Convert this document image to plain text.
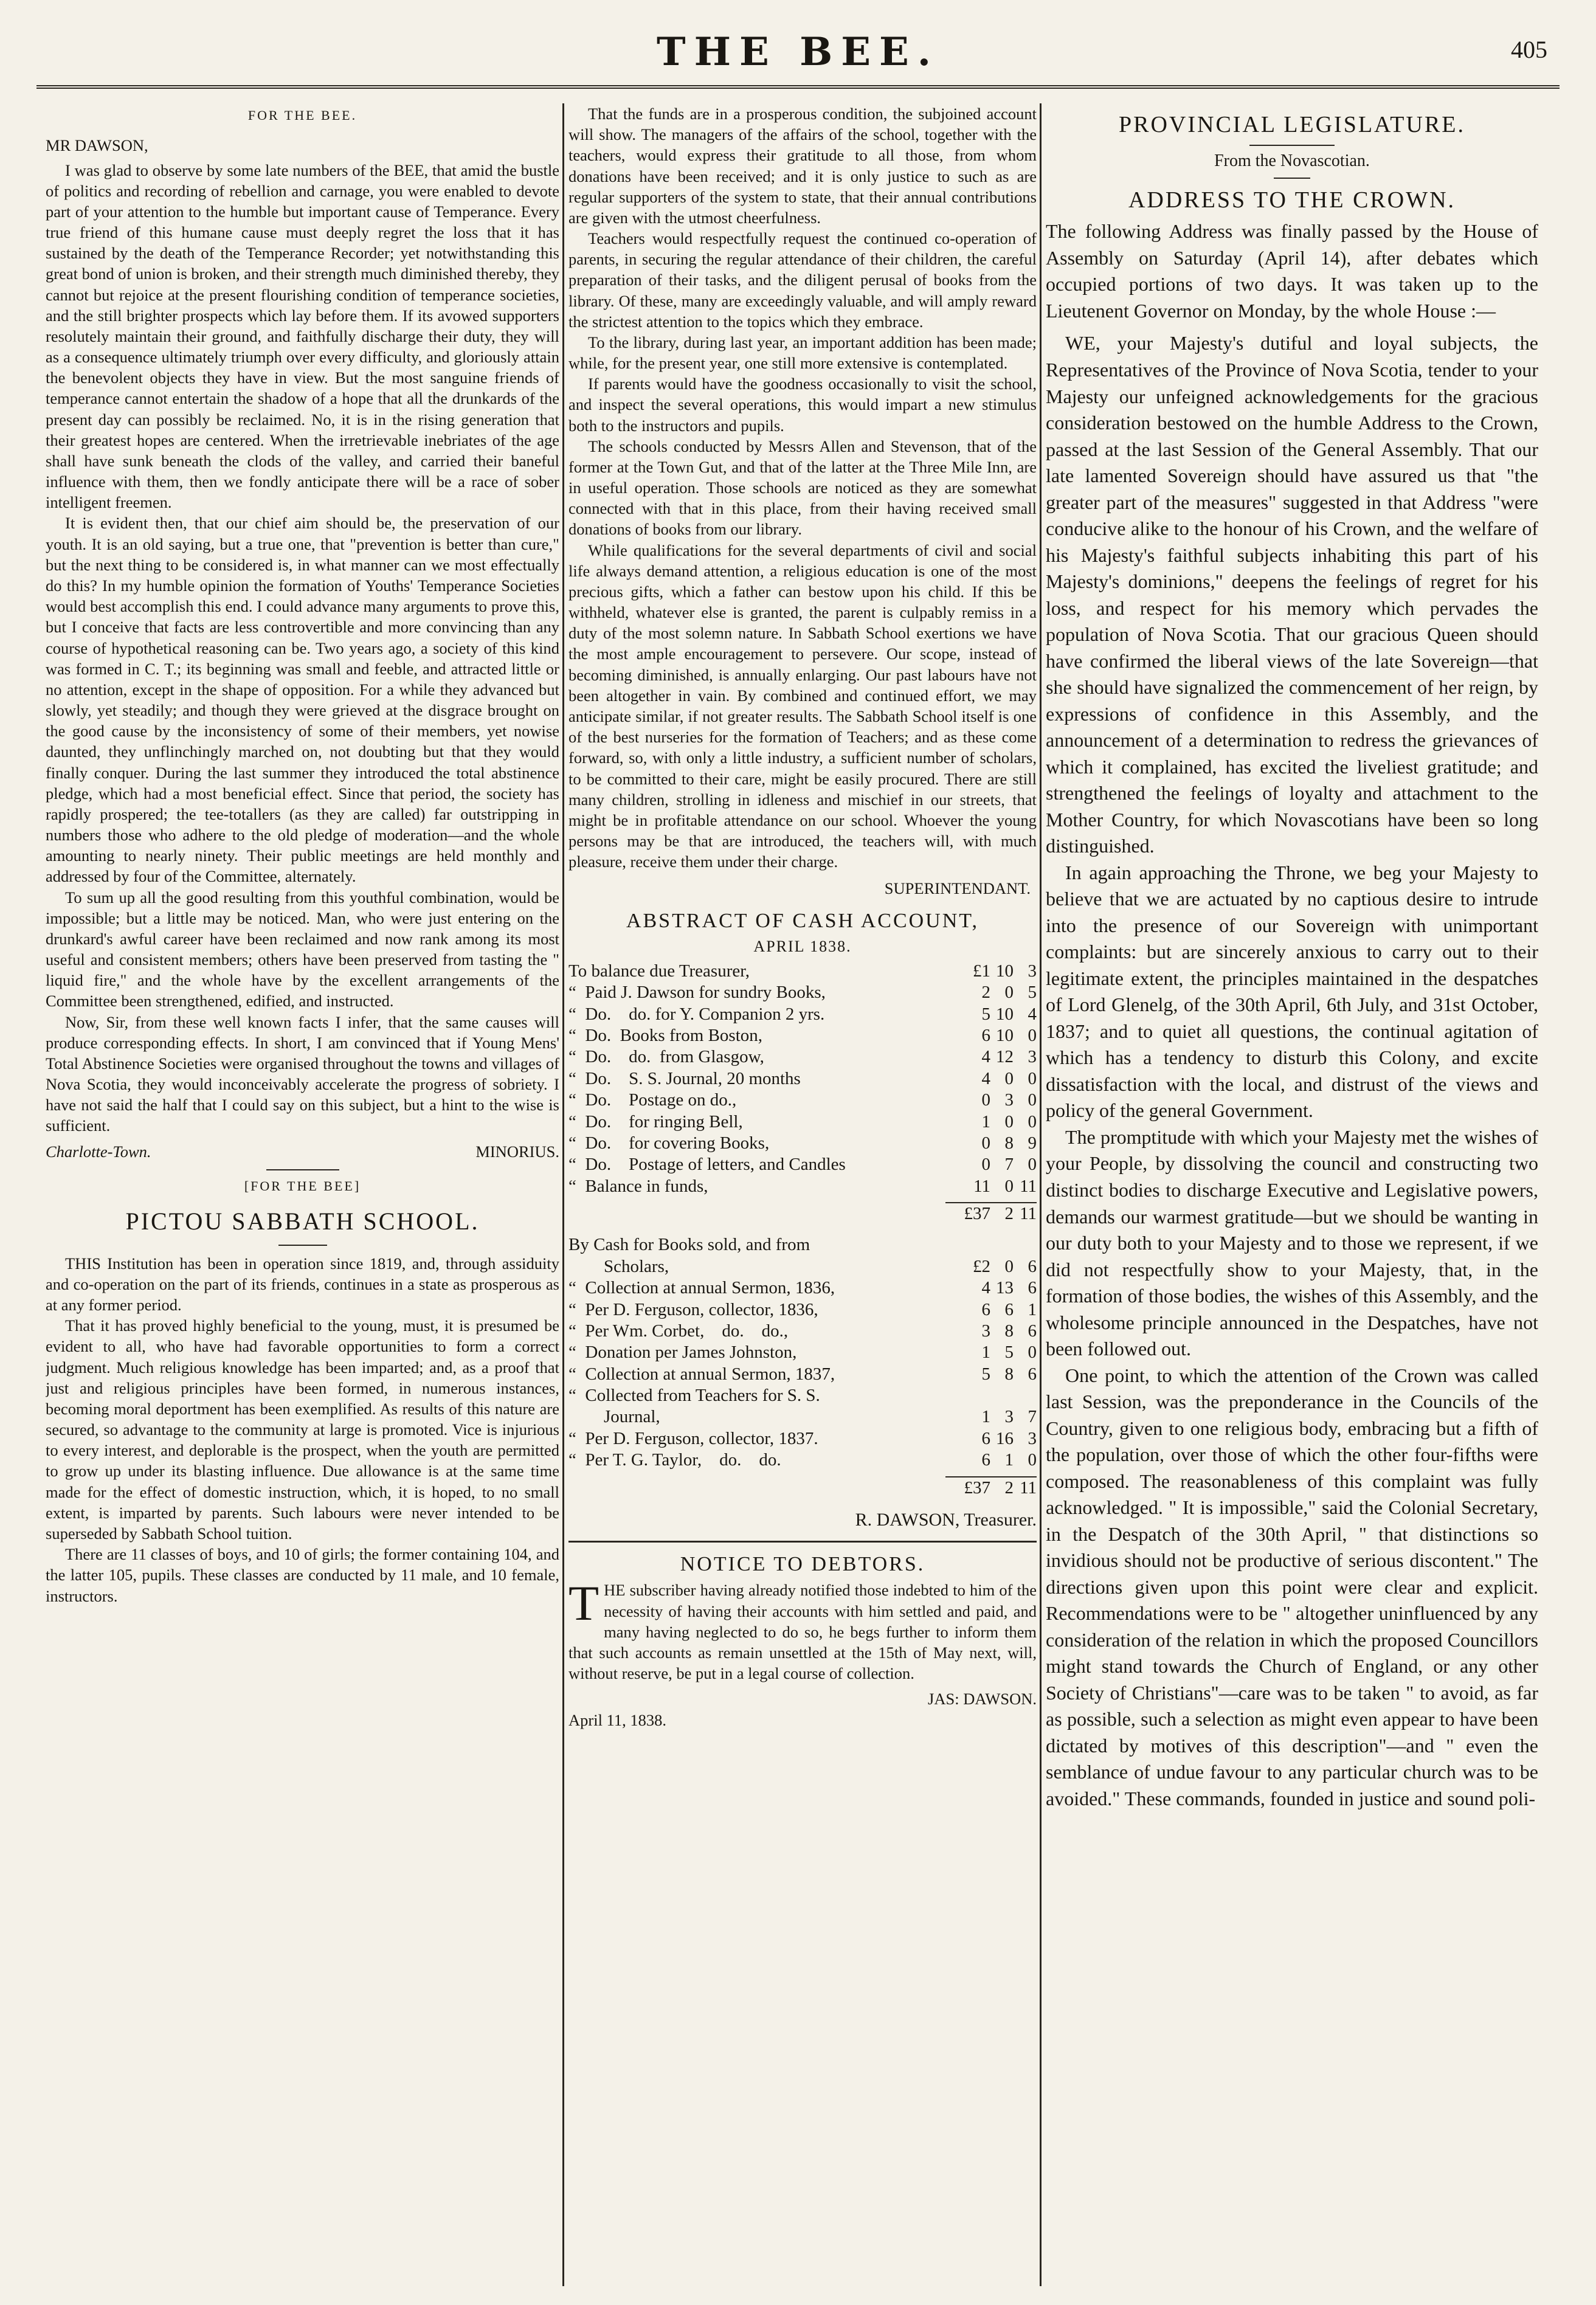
THE BEE.	405
FOR THE BEE.

MR DAWSON,

I was glad to observe by some late numbers of the BEE, that amid the bustle of politics and recording of rebellion and carnage, you were enabled to devote part of your attention to the humble but important cause of Temperance. Every true friend of this humane cause must deeply regret the loss that it has sustained by the death of the Temperance Recorder; yet notwithstanding this great bond of union is broken, and their strength much diminished thereby, they cannot but rejoice at the present flourishing condition of temperance societies, and the still brighter prospects which lay before them. If its avowed supporters resolutely maintain their ground, and faithfully discharge their duty, they will as a consequence ultimately triumph over every difficulty, and gloriously attain the benevolent objects they have in view. But the most sanguine friends of temperance cannot entertain the shadow of a hope that all the drunkards of the present day can possibly be reclaimed. No, it is in the rising generation that their greatest hopes are centered. When the irretrievable inebriates of the age shall have sunk beneath the clods of the valley, and carried their baneful influence with them, then we fondly anticipate there will be a race of sober intelligent freemen.

It is evident then, that our chief aim should be, the preservation of our youth. It is an old saying, but a true one, that "prevention is better than cure," but the next thing to be considered is, in what manner can we most effectually do this? In my humble opinion the formation of Youths' Temperance Societies would best accomplish this end. I could advance many arguments to prove this, but I conceive that facts are less controvertible and more convincing than any course of hypothetical reasoning can be. Two years ago, a society of this kind was formed in C. T.; its beginning was small and feeble, and attracted little or no attention, except in the shape of opposition. For a while they advanced but slowly, yet steadily; and though they were grieved at the disgrace brought on the good cause by the inconsistency of some of their members, yet nowise daunted, they unflinchingly marched on, not doubting but that they would finally conquer. During the last summer they introduced the total abstinence pledge, which had a most beneficial effect. Since that period, the society has rapidly prospered; the tee-totallers (as they are called) far outstripping in numbers those who adhere to the old pledge of moderation—and the whole amounting to nearly ninety. Their public meetings are held monthly and addressed by four of the Committee, alternately.

To sum up all the good resulting from this youthful combination, would be impossible; but a little may be noticed. Man, who were just entering on the drunkard's awful career have been reclaimed and now rank among its most useful and consistent members; others have been preserved from tasting the " liquid fire," and the whole have by the excellent arrangements of the Committee been strengthened, edified, and instructed.

Now, Sir, from these well known facts I infer, that the same causes will produce corresponding effects. In short, I am convinced that if Young Mens' Total Abstinence Societies were organised throughout the towns and villages of Nova Scotia, they would inconceivably accelerate the progress of sobriety. I have not said the half that I could say on this subject, but a hint to the wise is sufficient.

Charlotte-Town.	MINORIUS.
[FOR THE BEE]
PICTOU SABBATH SCHOOL.

THIS Institution has been in operation since 1819, and, through assiduity and co-operation on the part of its friends, continues in a state as prosperous as at any former period.

That it has proved highly beneficial to the young, must, it is presumed be evident to all, who have had favorable opportunities to form a correct judgment. Much religious knowledge has been imparted; and, as a proof that just and religious principles have been formed, in numerous instances, becoming moral deportment has been exemplified. As results of this nature are secured, so advantage to the community at large is promoted. Vice is injurious to every interest, and deplorable is the prospect, when the youth are permitted to grow up under its blasting influence. Due allowance is at the same time made for the effect of domestic instruction, which, it is hoped, to no small extent, is imparted by parents. Such labours were never intended to be superseded by Sabbath School tuition.

There are 11 classes of boys, and 10 of girls; the former containing 104, and the latter 105, pupils. These classes are conducted by 11 male, and 10 female, instructors.

That the funds are in a prosperous condition, the subjoined account will show. The managers of the affairs of the school, together with the teachers, would express their gratitude to all those, from whom donations have been received; and it is only justice to such as are regular supporters of the system to state, that their annual contributions are given with the utmost cheerfulness.

Teachers would respectfully request the continued co-operation of parents, in securing the regular attendance of their children, the careful preparation of their tasks, and the diligent perusal of books from the library. Of these, many are exceedingly valuable, and will amply reward the strictest attention to the topics which they embrace.

To the library, during last year, an important addition has been made; while, for the present year, one still more extensive is contemplated.

If parents would have the goodness occasionally to visit the school, and inspect the several operations, this would impart a new stimulus both to the instructors and pupils.

The schools conducted by Messrs Allen and Stevenson, that of the former at the Town Gut, and that of the latter at the Three Mile Inn, are in useful operation. Those schools are noticed as they are somewhat connected with that in this place, from their having received small donations of books from our library.

While qualifications for the several departments of civil and social life always demand attention, a religious education is one of the most precious gifts, which a father can bestow upon his child. If this be withheld, whatever else is granted, the parent is culpably remiss in a duty of the most solemn nature. In Sabbath School exertions we have the most ample encouragement to persevere. Our scope, instead of becoming diminished, is annually enlarging. Our past labours have not been altogether in vain. By combined and continued effort, we may anticipate similar, if not greater results. The Sabbath School itself is one of the best nurseries for the formation of Teachers; and as these come forward, so, with only a little industry, a sufficient number of scholars, to be committed to their care, might be easily procured. There are still many children, strolling in idleness and mischief in our streets, that might be in profitable attendance on our school. Whoever the young persons may be that are introduced, the teachers will, with much pleasure, receive them under their charge.

SUPERINTENDANT.

ABSTRACT OF CASH ACCOUNT,
APRIL 1838.
To balance due Treasurer,	£1	10	3
“  Paid J. Dawson for sundry Books,	2	0	5
“  Do.    do. for Y. Companion 2 yrs.	5	10	4
“  Do.  Books from Boston,	6	10	0
“  Do.    do.  from Glasgow,	4	12	3
“  Do.    S. S. Journal, 20 months	4	0	0
“  Do.    Postage on do.,	0	3	0
“  Do.    for ringing Bell,	1	0	0
“  Do.    for covering Books,	0	8	9
“  Do.    Postage of letters, and Candles	0	7	0
“  Balance in funds,	11	0	11
	£37	2	11
By Cash for Books sold, and from			
Scholars,	£2	0	6
“  Collection at annual Sermon, 1836,	4	13	6
“  Per D. Ferguson, collector, 1836,	6	6	1
“  Per Wm. Corbet,    do.    do.,	3	8	6
“  Donation per James Johnston,	1	5	0
“  Collection at annual Sermon, 1837,	5	8	6
“  Collected from Teachers for S. S.			
Journal,	1	3	7
“  Per D. Ferguson, collector, 1837.	6	16	3
“  Per T. G. Taylor,    do.    do.	6	1	0
	£37	2	11

R. DAWSON, Treasurer.

NOTICE TO DEBTORS.

THE subscriber having already notified those indebted to him of the necessity of having their accounts with him settled and paid, and many having neglected to do so, he begs further to inform them that such accounts as remain unsettled at the 15th of May next, will, without reserve, be put in a legal course of collection.

JAS: DAWSON.

April 11, 1838.

PROVINCIAL LEGISLATURE.
From the Novascotian.
ADDRESS TO THE CROWN.

The following Address was finally passed by the House of Assembly on Saturday (April 14), after debates which occupied portions of two days. It was taken up to the Lieutenent Governor on Monday, by the whole House :—

WE, your Majesty's dutiful and loyal subjects, the Representatives of the Province of Nova Scotia, tender to your Majesty our unfeigned acknowledgements for the gracious consideration bestowed on the humble Address to the Crown, passed at the last Session of the General Assembly. That our late lamented Sovereign should have assured us that "the greater part of the measures" suggested in that Address "were conducive alike to the honour of his Crown, and the welfare of his Majesty's faithful subjects inhabiting this part of his Majesty's dominions," deepens the feelings of regret for his loss, and respect for his memory which pervades the population of Nova Scotia. That our gracious Queen should have confirmed the liberal views of the late Sovereign—that she should have signalized the commencement of her reign, by expressions of confidence in this Assembly, and the announcement of a determination to redress the grievances of which it complained, has excited the liveliest gratitude; and strengthened the feelings of loyalty and attachment to the Mother Country, for which Novascotians have been so long distinguished.

In again approaching the Throne, we beg your Majesty to believe that we are actuated by no captious desire to intrude into the presence of our Sovereign with unimportant complaints: but are sincerely anxious to carry out to their legitimate extent, the principles maintained in the despatches of Lord Glenelg, of the 30th April, 6th July, and 31st October, 1837; and to quiet all questions, the continual agitation of which has a tendency to disturb this Colony, and excite dissatisfaction with the local, and distrust of the views and policy of the general Government.

The promptitude with which your Majesty met the wishes of your People, by dissolving the council and constructing two distinct bodies to discharge Executive and Legislative powers, demands our warmest gratitude—but we should be wanting in our duty both to your Majesty and to those we represent, if we did not respectfully show to your Majesty, that, in the formation of those bodies, the wishes of this Assembly, and the wholesome principle announced in the Despatches, have not been followed out.

One point, to which the attention of the Crown was called last Session, was the preponderance in the Councils of the Country, given to one religious body, embracing but a fifth of the population, over those of which the other four-fifths were composed. The reasonableness of this complaint was fully acknowledged. " It is impossible," said the Colonial Secretary, in the Despatch of the 30th April, " that distinctions so invidious should not be productive of serious discontent." The directions given upon this point were clear and explicit. Recommendations were to be " altogether uninfluenced by any consideration of the relation in which the proposed Councillors might stand towards the Church of England, or any other Society of Christians"—care was to be taken " to avoid, as far as possible, such a selection as might even appear to have been dictated by motives of this description"—and " even the semblance of undue favour to any particular church was to be avoided." These commands, founded in justice and sound poli-
